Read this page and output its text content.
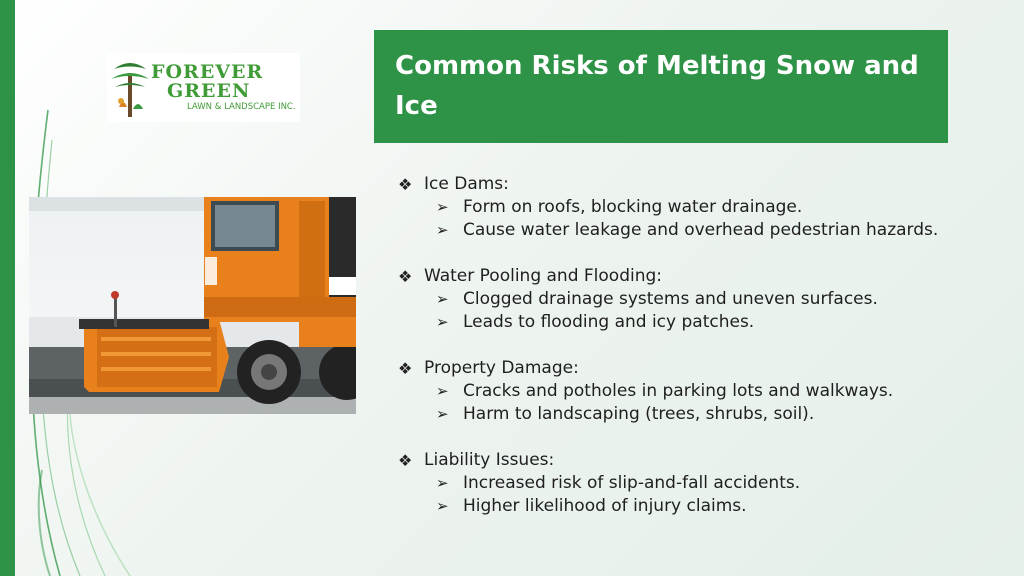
FOREVER
GREEN
LAWN & LANDSCAPE INC.
Common Risks of Melting Snow and Ice
❖ Ice Dams:
➢ Form on roofs, blocking water drainage.
➢ Cause water leakage and overhead pedestrian hazards.
❖ Water Pooling and Flooding:
➢ Clogged drainage systems and uneven surfaces.
➢ Leads to flooding and icy patches.
❖ Property Damage:
➢ Cracks and potholes in parking lots and walkways.
➢ Harm to landscaping (trees, shrubs, soil).
❖ Liability Issues:
➢ Increased risk of slip-and-fall accidents.
➢ Higher likelihood of injury claims.
